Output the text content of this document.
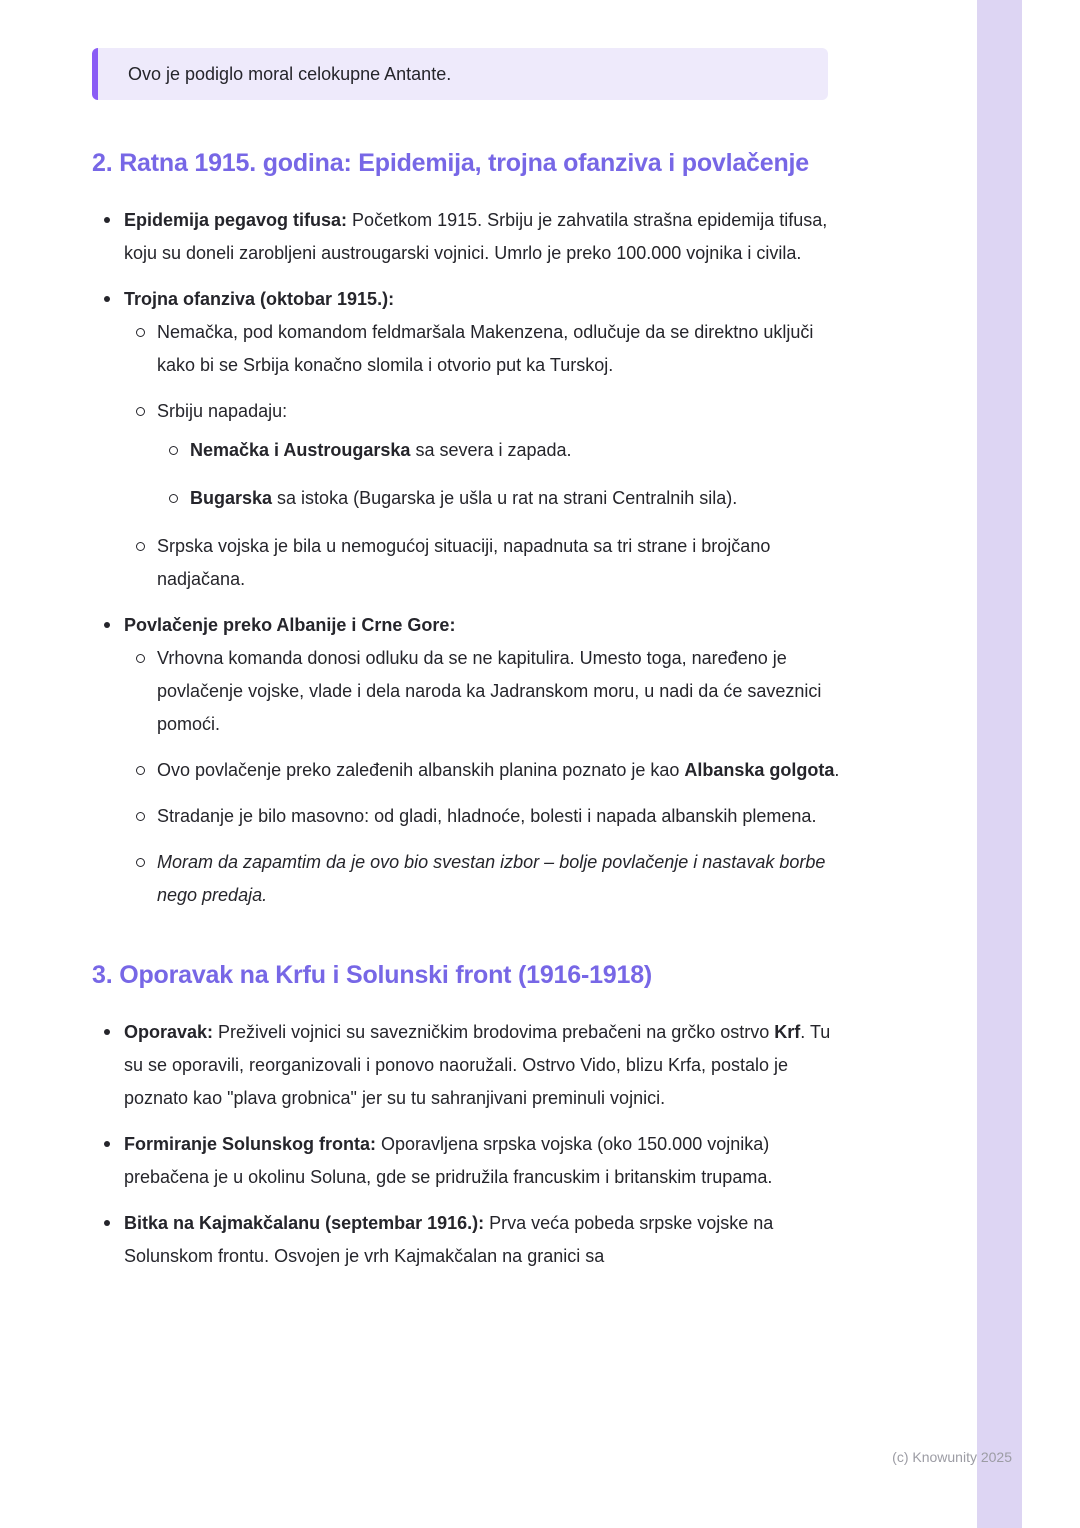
Ovo je podiglo moral celokupne Antante.

2. Ratna 1915. godina: Epidemija, trojna ofanziva i povlačenje

Epidemija pegavog tifusa: Početkom 1915. Srbiju je zahvatila strašna epidemija tifusa, koju su doneli zarobljeni austrougarski vojnici. Umrlo je preko 100.000 vojnika i civila.

Trojna ofanziva (oktobar 1915.):

Nemačka, pod komandom feldmaršala Makenzena, odlučuje da se direktno uključi kako bi se Srbija konačno slomila i otvorio put ka Turskoj.

Srbiju napadaju:

Nemačka i Austrougarska sa severa i zapada.

Bugarska sa istoka (Bugarska je ušla u rat na strani Centralnih sila).

Srpska vojska je bila u nemogućoj situaciji, napadnuta sa tri strane i brojčano nadjačana.

Povlačenje preko Albanije i Crne Gore:

Vrhovna komanda donosi odluku da se ne kapitulira. Umesto toga, naređeno je povlačenje vojske, vlade i dela naroda ka Jadranskom moru, u nadi da će saveznici pomoći.

Ovo povlačenje preko zaleđenih albanskih planina poznato je kao Albanska golgota.

Stradanje je bilo masovno: od gladi, hladnoće, bolesti i napada albanskih plemena.

Moram da zapamtim da je ovo bio svestan izbor – bolje povlačenje i nastavak borbe nego predaja.

3. Oporavak na Krfu i Solunski front (1916-1918)

Oporavak: Preživeli vojnici su savezničkim brodovima prebačeni na grčko ostrvo Krf. Tu su se oporavili, reorganizovali i ponovo naoružali. Ostrvo Vido, blizu Krfa, postalo je poznato kao "plava grobnica" jer su tu sahranjivani preminuli vojnici.

Formiranje Solunskog fronta: Oporavljena srpska vojska (oko 150.000 vojnika) prebačena je u okolinu Soluna, gde se pridružila francuskim i britanskim trupama.

Bitka na Kajmakčalanu (septembar 1916.): Prva veća pobeda srpske vojske na Solunskom frontu. Osvojen je vrh Kajmakčalan na granici sa

(c) Knowunity 2025
